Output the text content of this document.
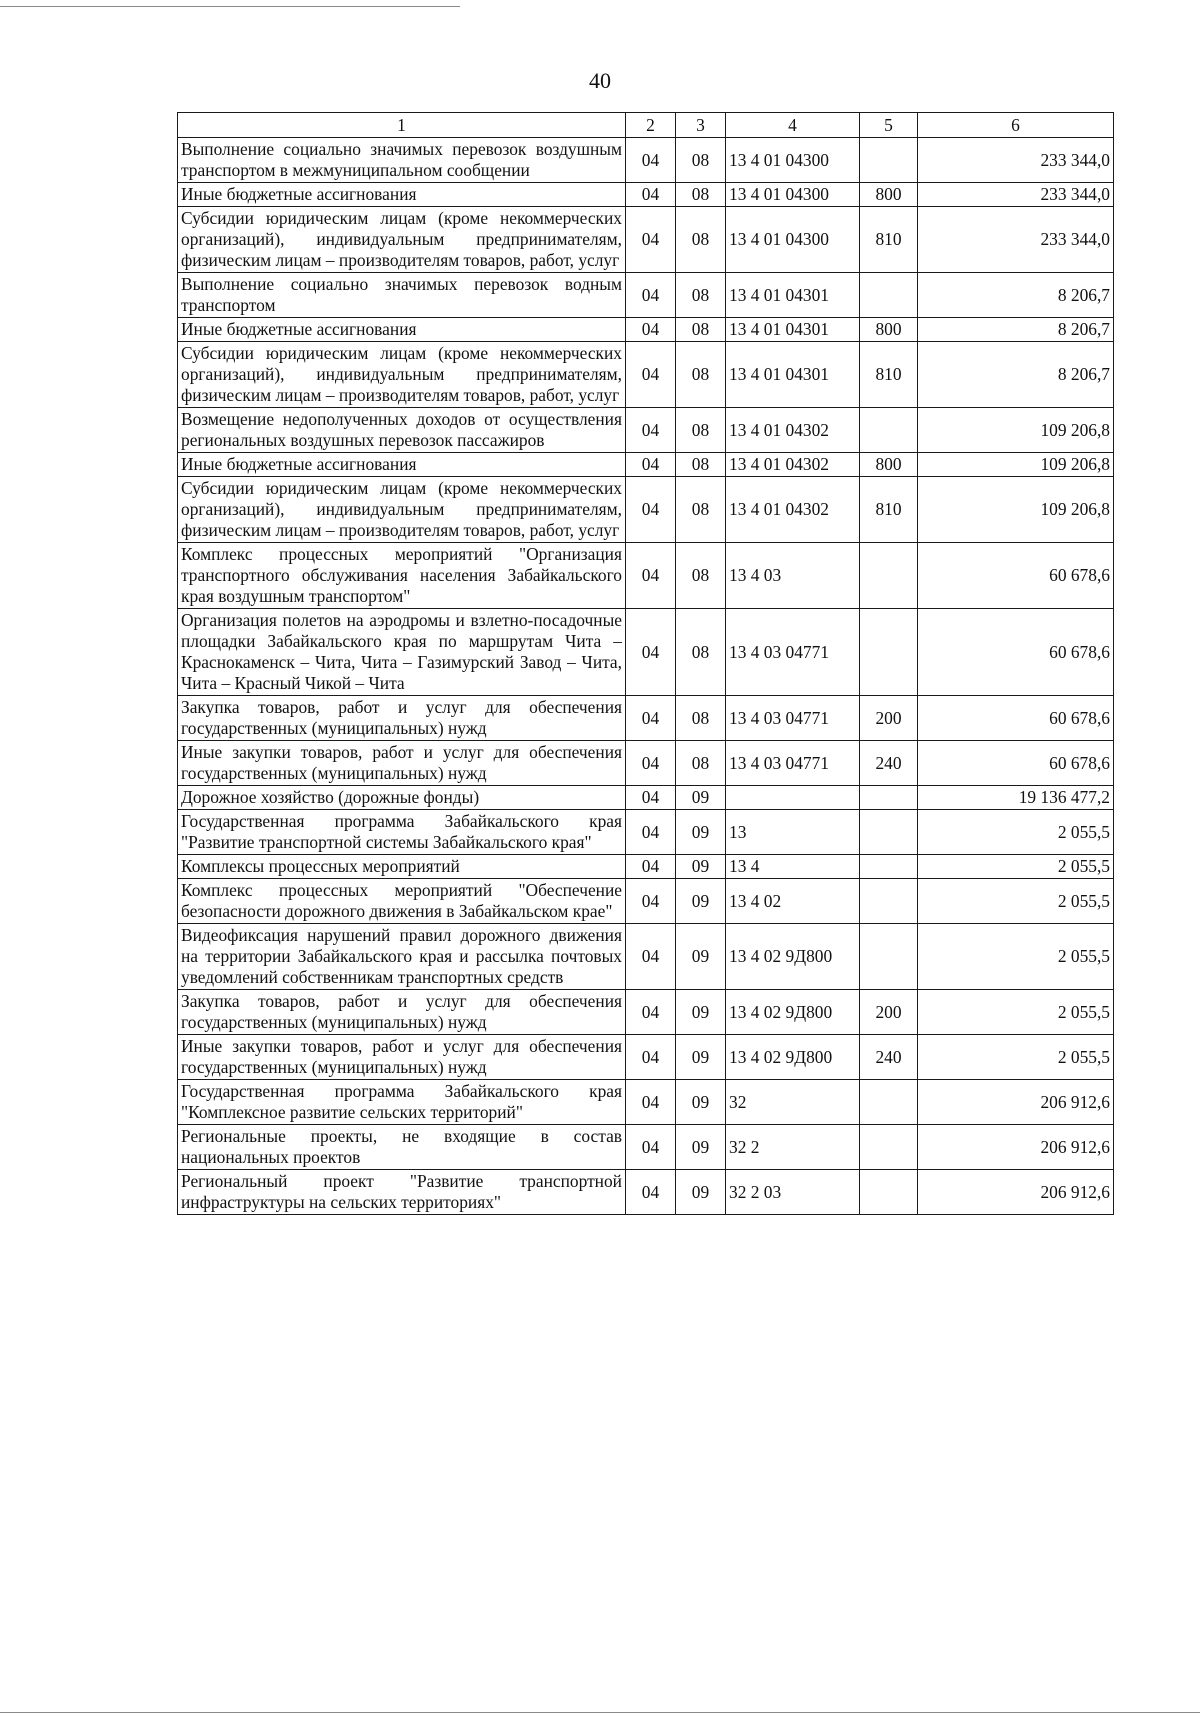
40
1	2	3	4	5	6
Выполнение социально значимых перевозок воздушным транспортом в межмуниципальном сообщении	04	08	13 4 01 04300		233 344,0
Иные бюджетные ассигнования	04	08	13 4 01 04300	800	233 344,0
Субсидии юридическим лицам (кроме некоммерческих организаций), индивидуальным предпринимателям, физическим лицам – производителям товаров, работ, услуг	04	08	13 4 01 04300	810	233 344,0
Выполнение социально значимых перевозок водным транспортом	04	08	13 4 01 04301		8 206,7
Иные бюджетные ассигнования	04	08	13 4 01 04301	800	8 206,7
Субсидии юридическим лицам (кроме некоммерческих организаций), индивидуальным предпринимателям, физическим лицам – производителям товаров, работ, услуг	04	08	13 4 01 04301	810	8 206,7
Возмещение недополученных доходов от осуществления региональных воздушных перевозок пассажиров	04	08	13 4 01 04302		109 206,8
Иные бюджетные ассигнования	04	08	13 4 01 04302	800	109 206,8
Субсидии юридическим лицам (кроме некоммерческих организаций), индивидуальным предпринимателям, физическим лицам – производителям товаров, работ, услуг	04	08	13 4 01 04302	810	109 206,8
Комплекс процессных мероприятий "Организация транспортного обслуживания населения Забайкальского края воздушным транспортом"	04	08	13 4 03		60 678,6
Организация полетов на аэродромы и взлетно-посадочные площадки Забайкальского края по маршрутам Чита – Краснокаменск – Чита, Чита – Газимурский Завод – Чита, Чита – Красный Чикой – Чита	04	08	13 4 03 04771		60 678,6
Закупка товаров, работ и услуг для обеспечения государственных (муниципальных) нужд	04	08	13 4 03 04771	200	60 678,6
Иные закупки товаров, работ и услуг для обеспечения государственных (муниципальных) нужд	04	08	13 4 03 04771	240	60 678,6
Дорожное хозяйство (дорожные фонды)	04	09			19 136 477,2
Государственная программа Забайкальского края "Развитие транспортной системы Забайкальского края"	04	09	13		2 055,5
Комплексы процессных мероприятий	04	09	13 4		2 055,5
Комплекс процессных мероприятий "Обеспечение безопасности дорожного движения в Забайкальском крае"	04	09	13 4 02		2 055,5
Видеофиксация нарушений правил дорожного движения на территории Забайкальского края и рассылка почтовых уведомлений собственникам транспортных средств	04	09	13 4 02 9Д800		2 055,5
Закупка товаров, работ и услуг для обеспечения государственных (муниципальных) нужд	04	09	13 4 02 9Д800	200	2 055,5
Иные закупки товаров, работ и услуг для обеспечения государственных (муниципальных) нужд	04	09	13 4 02 9Д800	240	2 055,5
Государственная программа Забайкальского края "Комплексное развитие сельских территорий"	04	09	32		206 912,6
Региональные проекты, не входящие в состав национальных проектов	04	09	32 2		206 912,6
Региональный проект "Развитие транспортной инфраструктуры на сельских территориях"	04	09	32 2 03		206 912,6
